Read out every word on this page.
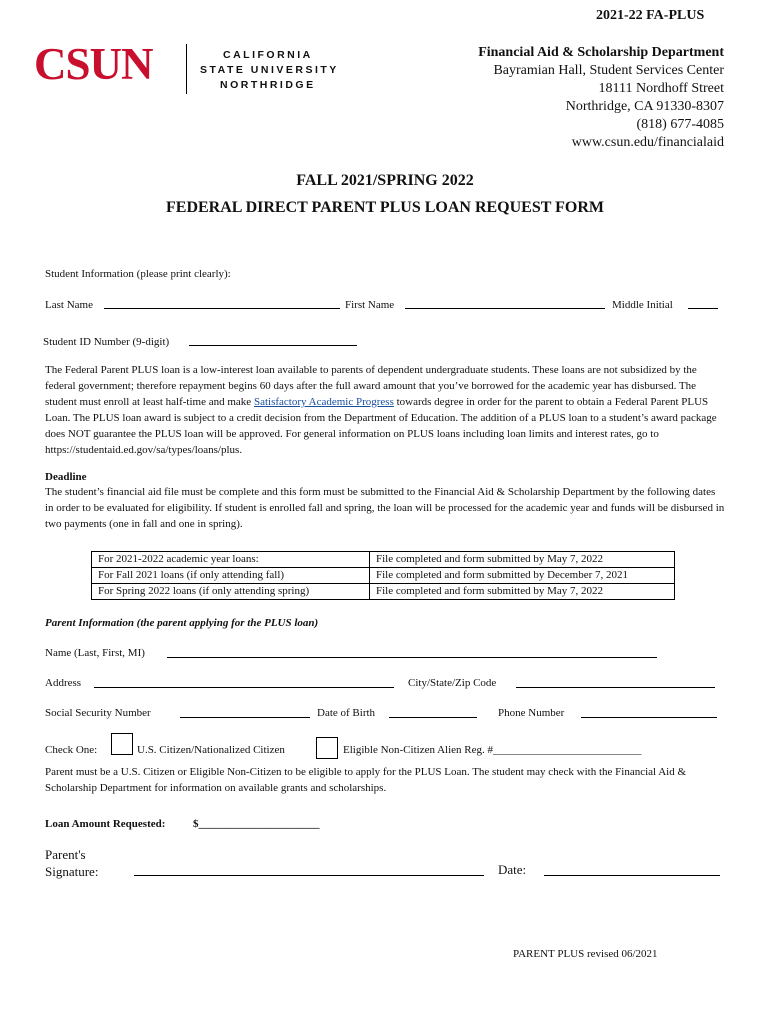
2021-22 FA-PLUS
CSUN	CALIFORNIA
STATE UNIVERSITY
NORTHRIDGE
Financial Aid & Scholarship Department
Bayramian Hall, Student Services Center
18111 Nordhoff Street
Northridge, CA 91330-8307
(818) 677-4085
www.csun.edu/financialaid
FALL 2021/SPRING 2022
FEDERAL DIRECT PARENT PLUS LOAN REQUEST FORM
Student Information (please print clearly):
Last Name	First Name	Middle Initial
Student ID Number (9-digit)
The Federal Parent PLUS loan is a low-interest loan available to parents of dependent undergraduate students. These loans are not subsidized by the federal government; therefore repayment begins 60 days after the full award amount that you’ve borrowed for the academic year has disbursed. The student must enroll at least half-time and make Satisfactory Academic Progress towards degree in order for the parent to obtain a Federal Parent PLUS Loan. The PLUS loan award is subject to a credit decision from the Department of Education. The addition of a PLUS loan to a student’s award package does NOT guarantee the PLUS loan will be approved. For general information on PLUS loans including loan limits and interest rates, go to https://studentaid.ed.gov/sa/types/loans/plus.
Deadline
The student’s financial aid file must be complete and this form must be submitted to the Financial Aid & Scholarship Department by the following dates in order to be evaluated for eligibility. If student is enrolled fall and spring, the loan will be processed for the academic year and funds will be disbursed in two payments (one in fall and one in spring).
For 2021-2022 academic year loans:	File completed and form submitted by May 7, 2022
For Fall 2021 loans (if only attending fall)	File completed and form submitted by December 7, 2021
For Spring 2022 loans (if only attending spring)	File completed and form submitted by May 7, 2022
Parent Information (the parent applying for the PLUS loan)
Name (Last, First, MI)
Address	City/State/Zip Code
Social Security Number	Date of Birth	Phone Number
Check One:	U.S. Citizen/Nationalized Citizen	Eligible Non-Citizen Alien Reg. #___________________________
Parent must be a U.S. Citizen or Eligible Non-Citizen to be eligible to apply for the PLUS Loan. The student may check with the Financial Aid & Scholarship Department for information on available grants and scholarships.
Loan Amount Requested:	$______________________
Parent's
Signature:	Date:
PARENT PLUS revised 06/2021
